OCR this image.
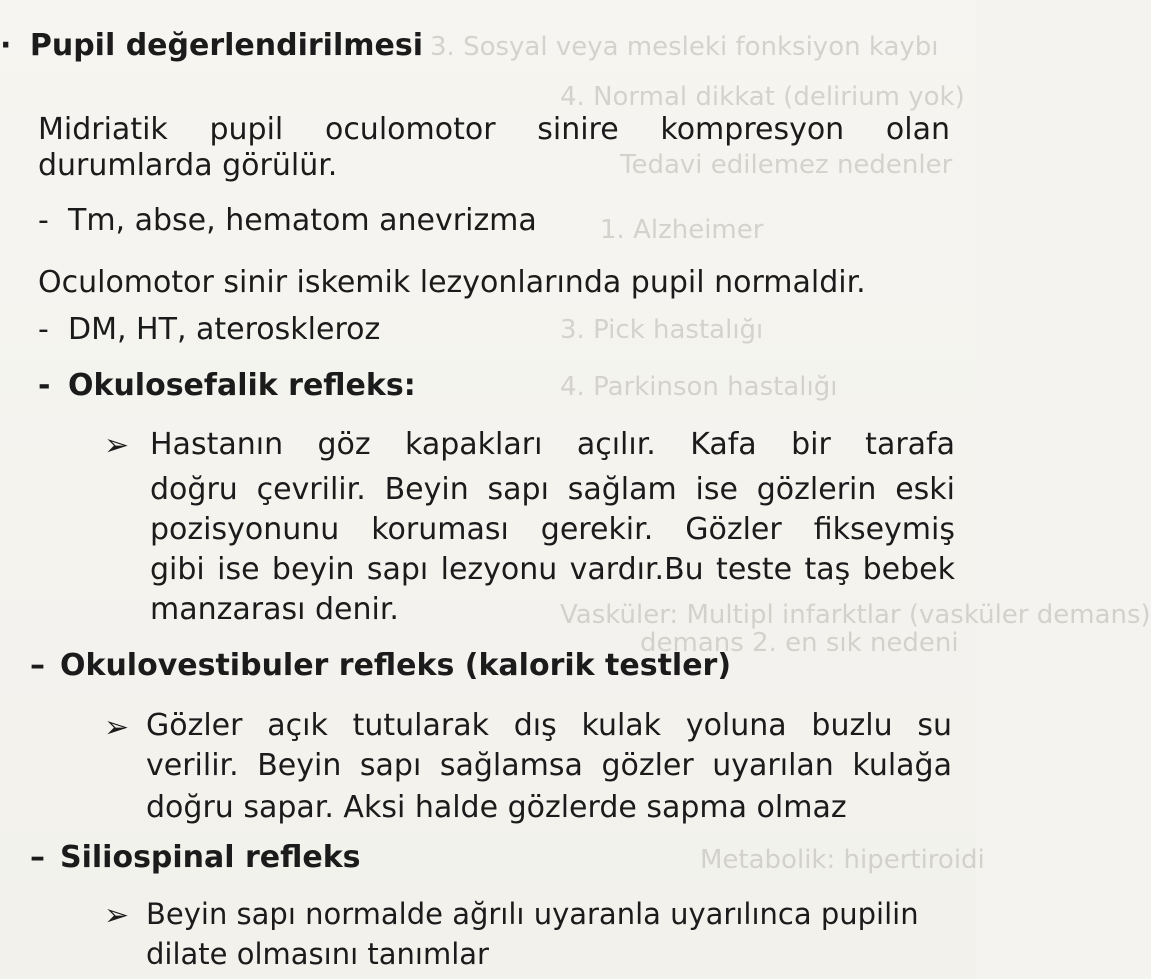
3. Sosyal veya mesleki fonksiyon kaybı
4. Normal dikkat (delirium yok)
Tedavi edilemez nedenler
1. Alzheimer
3. Pick hastalığı
4. Parkinson hastalığı
Vasküler: Multipl infarktlar (vasküler demans)
demans 2. en sık nedeni
Metabolik: hipertiroidi
· Pupil değerlendirilmesi
Midriatik pupil oculomotor sinire kompresyon olan
durumlarda görülür.
- Tm, abse, hematom anevrizma
Oculomotor sinir iskemik lezyonlarında pupil normaldir.
- DM, HT, ateroskleroz
- Okulosefalik refleks:
➢ Hastanın göz kapakları açılır. Kafa bir tarafa
doğru çevrilir. Beyin sapı sağlam ise gözlerin eski
pozisyonunu koruması gerekir. Gözler fikseymiş
gibi ise beyin sapı lezyonu vardır.Bu teste taş bebek
manzarası denir.
– Okulovestibuler refleks (kalorik testler)
➢ Gözler açık tutularak dış kulak yoluna buzlu su
verilir. Beyin sapı sağlamsa gözler uyarılan kulağa
doğru sapar. Aksi halde gözlerde sapma olmaz
– Siliospinal refleks
➢ Beyin sapı normalde ağrılı uyaranla uyarılınca pupilin
dilate olmasını tanımlar
